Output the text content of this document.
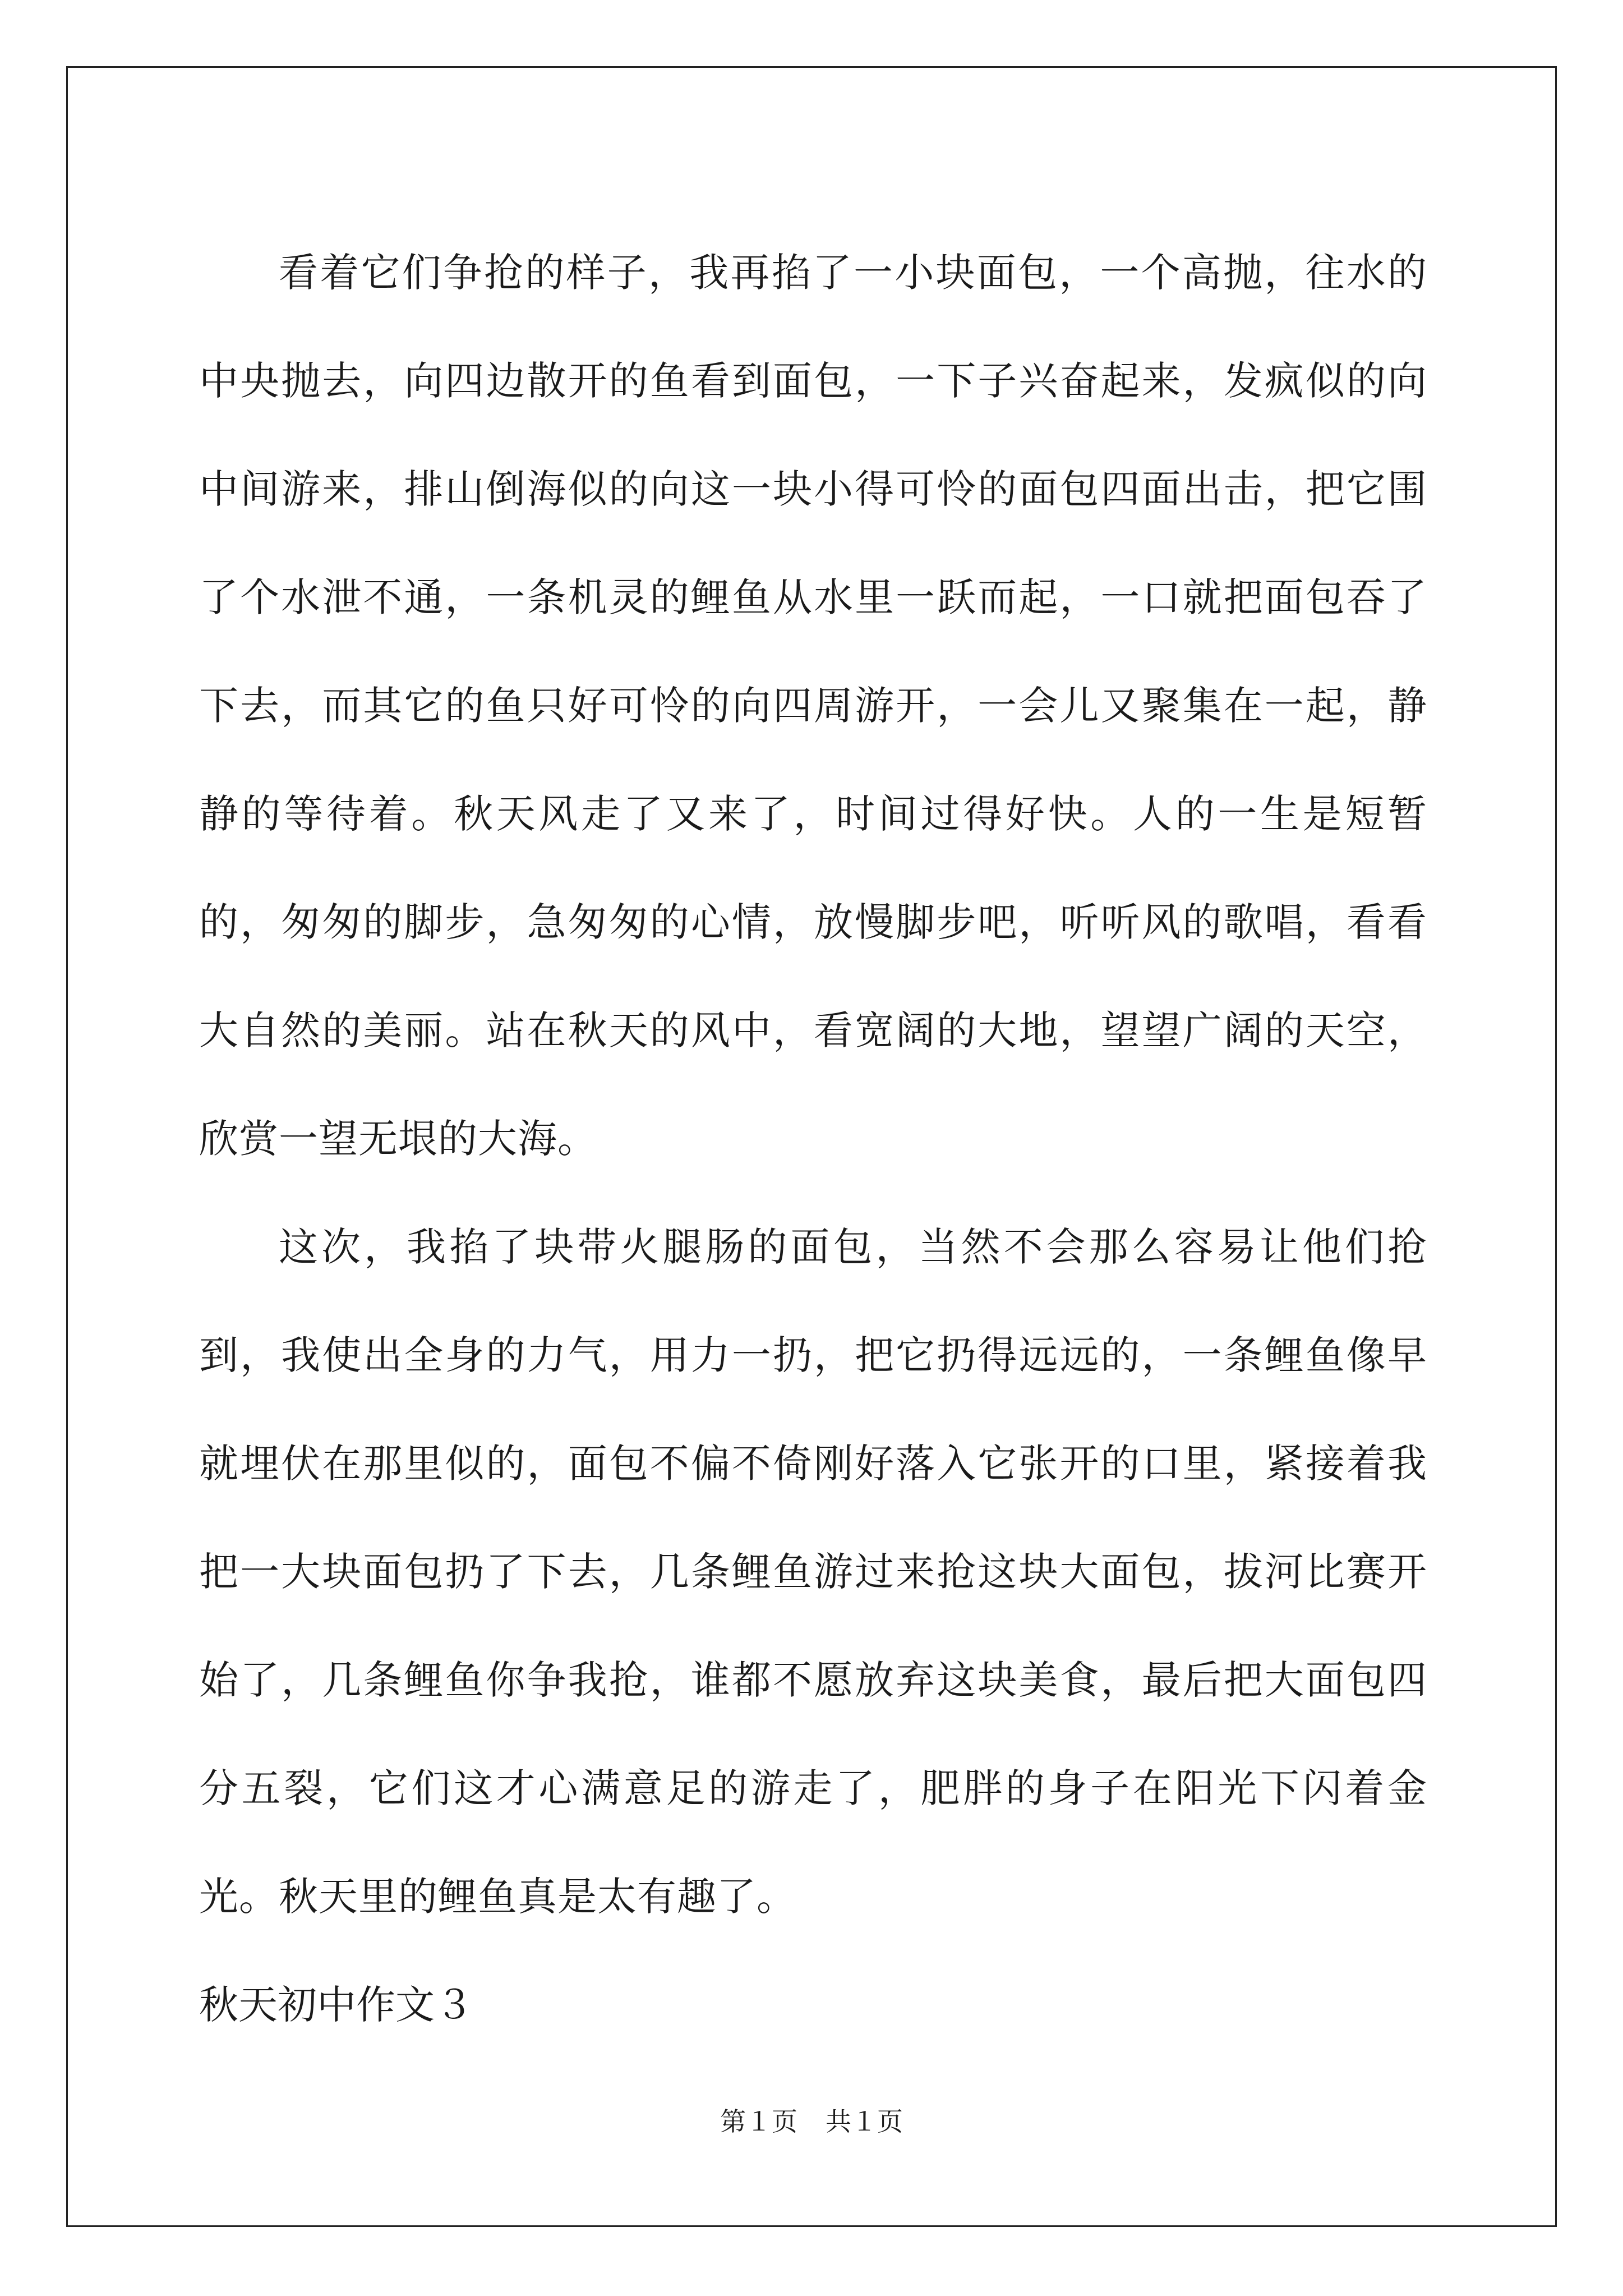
看着它们争抢的样子，我再掐了一小块面包，一个高抛，往水的中央抛去，向四边散开的鱼看到面包，一下子兴奋起来，发疯似的向中间游来，排山倒海似的向这一块小得可怜的面包四面出击，把它围了个水泄不通，一条机灵的鲤鱼从水里一跃而起，一口就把面包吞了下去，而其它的鱼只好可怜的向四周游开，一会儿又聚集在一起，静静的等待着。秋天风走了又来了，时间过得好快。人的一生是短暂的，匆匆的脚步，急匆匆的心情，放慢脚步吧，听听风的歌唱，看看大自然的美丽。站在秋天的风中，看宽阔的大地，望望广阔的天空，欣赏一望无垠的大海。

这次，我掐了块带火腿肠的面包，当然不会那么容易让他们抢到，我使出全身的力气，用力一扔，把它扔得远远的，一条鲤鱼像早就埋伏在那里似的，面包不偏不倚刚好落入它张开的口里，紧接着我把一大块面包扔了下去，几条鲤鱼游过来抢这块大面包，拔河比赛开始了，几条鲤鱼你争我抢，谁都不愿放弃这块美食，最后把大面包四分五裂，它们这才心满意足的游走了，肥胖的身子在阳光下闪着金光。秋天里的鲤鱼真是太有趣了。

秋天初中作文３

第１页 共１页
